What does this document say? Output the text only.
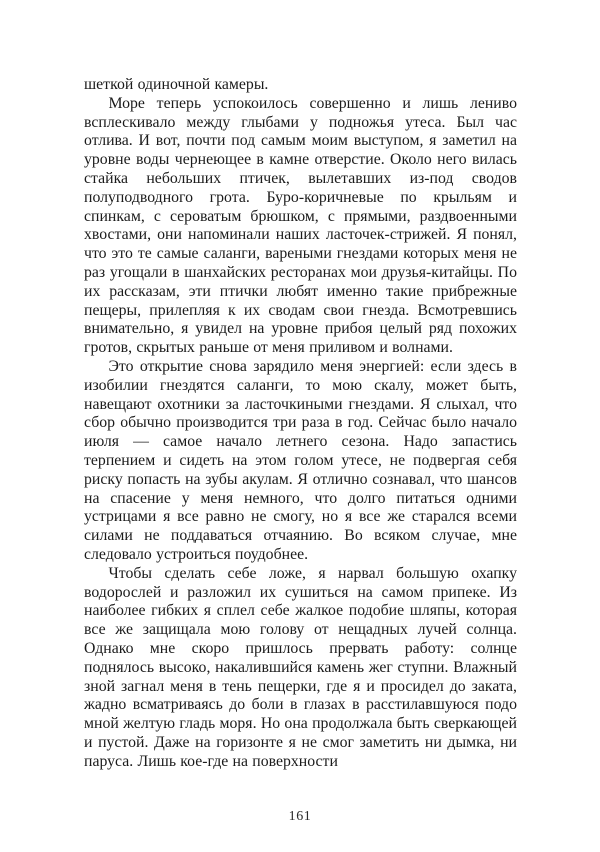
шеткой одиночной камеры.

Море теперь успокоилось совершенно и лишь лениво всплескивало между глыбами у подножья утеса. Был час отлива. И вот, почти под самым моим выступом, я заметил на уровне воды чернеющее в камне отверстие. Около него вилась стайка небольших птичек, вылетавших из-под сводов полуподводного грота. Буро-коричневые по крыльям и спинкам, с сероватым брюшком, с прямыми, раздвоенными хвостами, они напоминали наших ласточек-стрижей. Я понял, что это те самые саланги, вареными гнездами которых меня не раз угощали в шанхайских ресторанах мои друзья-китайцы. По их рассказам, эти птички любят именно такие прибрежные пещеры, прилепляя к их сводам свои гнезда. Всмотревшись внимательно, я увидел на уровне прибоя целый ряд похожих гротов, скрытых раньше от меня приливом и волнами.

Это открытие снова зарядило меня энергией: если здесь в изобилии гнездятся саланги, то мою скалу, может быть, навещают охотники за ласточкиными гнездами. Я слыхал, что сбор обычно производится три раза в год. Сейчас было начало июля — самое начало летнего сезона. Надо запастись терпением и сидеть на этом голом утесе, не подвергая себя риску попасть на зубы акулам. Я отлично сознавал, что шансов на спасение у меня немного, что долго питаться одними устрицами я все равно не смогу, но я все же старался всеми силами не поддаваться отчаянию. Во всяком случае, мне следовало устроиться поудобнее.

Чтобы сделать себе ложе, я нарвал большую охапку водорослей и разложил их сушиться на самом припеке. Из наиболее гибких я сплел себе жалкое подобие шляпы, которая все же защищала мою голову от нещадных лучей солнца. Однако мне скоро пришлось прервать работу: солнце поднялось высоко, накалившийся камень жег ступни. Влажный зной загнал меня в тень пещерки, где я и просидел до заката, жадно всматриваясь до боли в глазах в расстилавшуюся подо мной желтую гладь моря. Но она продолжала быть сверкающей и пустой. Даже на горизонте я не смог заметить ни дымка, ни паруса. Лишь кое-где на поверхности

161
